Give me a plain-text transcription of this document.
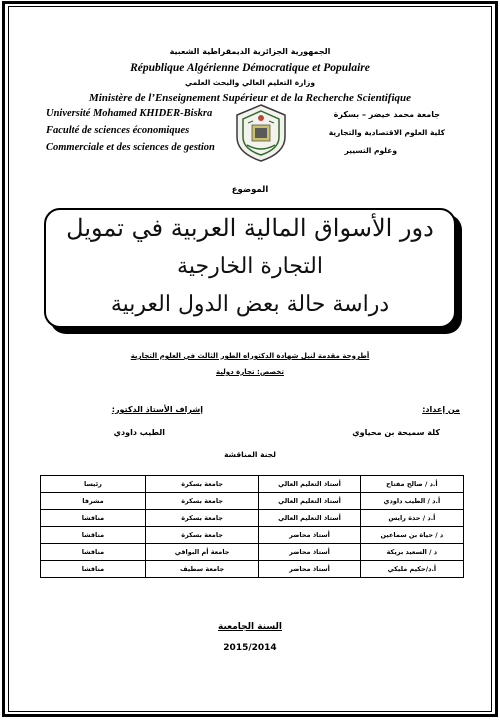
الجمهورية الجزائرية الديمقراطية الشعبية
République Algérienne Démocratique et Populaire
وزارة التعليم العالي والبحث العلمي
Ministère de l’Enseignement Supérieur et de la Recherche Scientifique
Université Mohamed KHIDER-Biskra
Faculté de sciences économiques
Commerciale et des sciences de gestion
جامعة محمد خيضر – بسكرة
كلية العلوم الاقتصادية والتجارية
وعلوم التسيير
الموضوع
دور الأسواق المالية العربية في تمويل
التجارة الخارجية
دراسة حالة بعض الدول العربية
أطروحة مقدمة لنيل شهادة الدكتوراه الطور الثالث في العلوم التجارية
تخصص: تجارة دولية
من إعداد:
كلة سميحة بن محياوي
إشراف الأستاذ الدكتور:
الطيب داودي
لجنة المناقشة
أ.د / صالح مفتاح	أستاذ التعليم العالي	جامعة بسكرة	رئيسا
أ.د / الطيب داودي	أستاذ التعليم العالي	جامعة بسكرة	مشرفا
أ.د / حدة رايس	أستاذ التعليم العالي	جامعة بسكرة	مناقشا
د / حياة بن سماعين	أستاذ محاضر	جامعة بسكرة	مناقشا
د / السعيد بريكة	أستاذ محاضر	جامعة أم البواقي	مناقشا
أ.د/حكيم مليكي	أستاذ محاضر	جامعة سطيف	مناقشا
السنة الجامعية
2015/2014
